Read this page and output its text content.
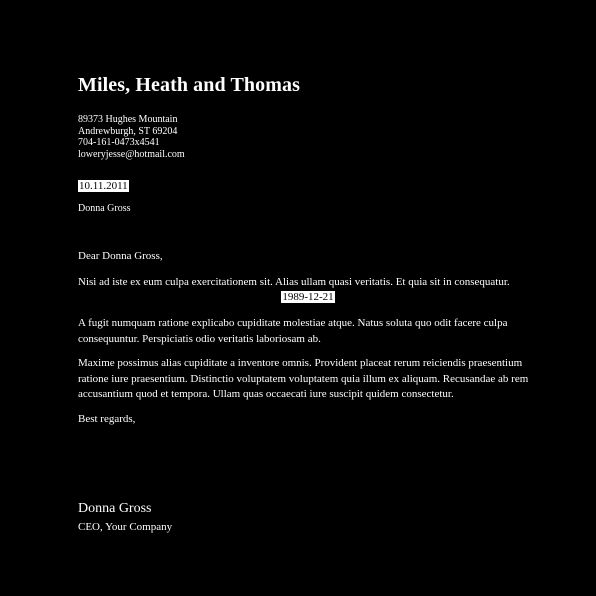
Miles, Heath and Thomas
89373 Hughes Mountain
Andrewburgh, ST 69204
704-161-0473x4541
loweryjesse@hotmail.com
10.11.2011
Donna Gross
Dear Donna Gross,
Nisi ad iste ex eum culpa exercitationem sit. Alias ullam quasi veritatis. Et quia sit in consequatur.
1989-12-21
A fugit numquam ratione explicabo cupiditate molestiae atque. Natus soluta quo odit facere culpa consequuntur. Perspiciatis odio veritatis laboriosam ab.
Maxime possimus alias cupiditate a inventore omnis. Provident placeat rerum reiciendis praesentium ratione iure praesentium. Distinctio voluptatem voluptatem quia illum ex aliquam. Recusandae ab rem accusantium quod et tempora. Ullam quas occaecati iure suscipit quidem consectetur.
Best regards,
Donna Gross
CEO, Your Company
